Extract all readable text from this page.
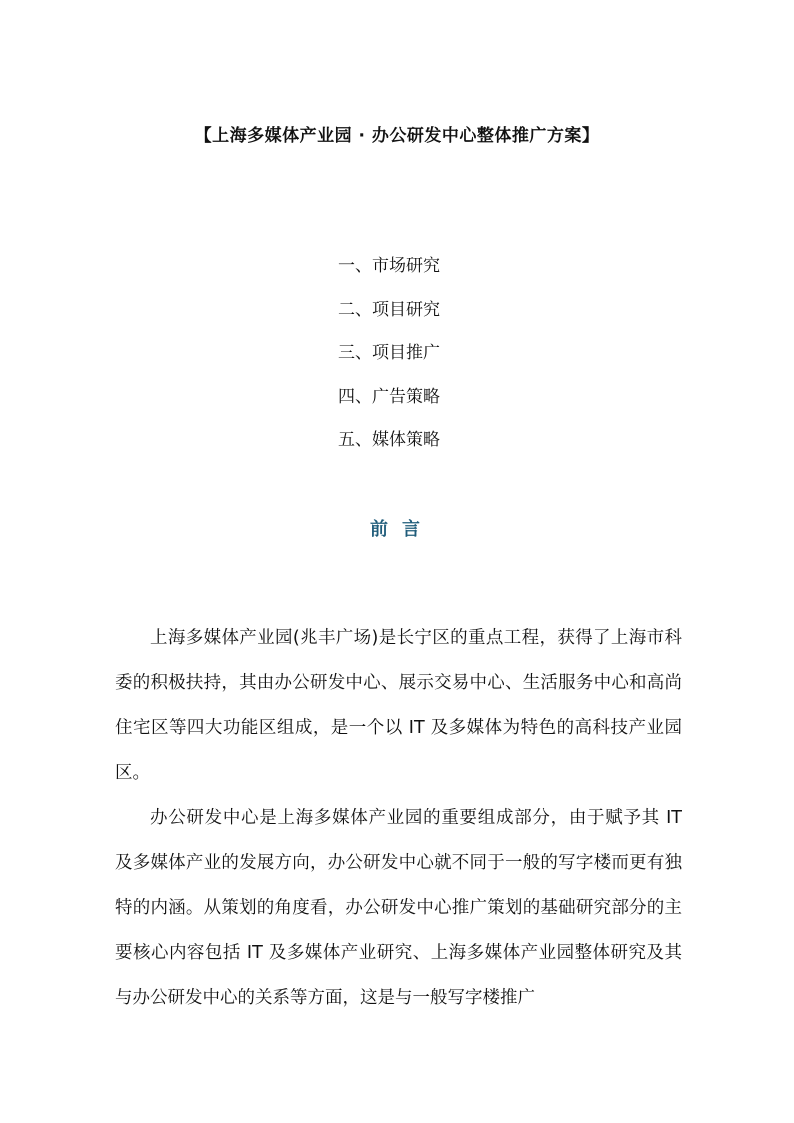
【上海多媒体产业园 · 办公研发中心整体推广方案】
一、市场研究
二、项目研究
三、项目推广
四、广告策略
五、媒体策略
前言

上海多媒体产业园(兆丰广场)是长宁区的重点工程，获得了上海市科委的积极扶持，其由办公研发中心、展示交易中心、生活服务中心和高尚住宅区等四大功能区组成，是一个以 IT 及多媒体为特色的高科技产业园区。

办公研发中心是上海多媒体产业园的重要组成部分，由于赋予其 IT 及多媒体产业的发展方向，办公研发中心就不同于一般的写字楼而更有独特的内涵。从策划的角度看，办公研发中心推广策划的基础研究部分的主要核心内容包括 IT 及多媒体产业研究、上海多媒体产业园整体研究及其与办公研发中心的关系等方面，这是与一般写字楼推广
